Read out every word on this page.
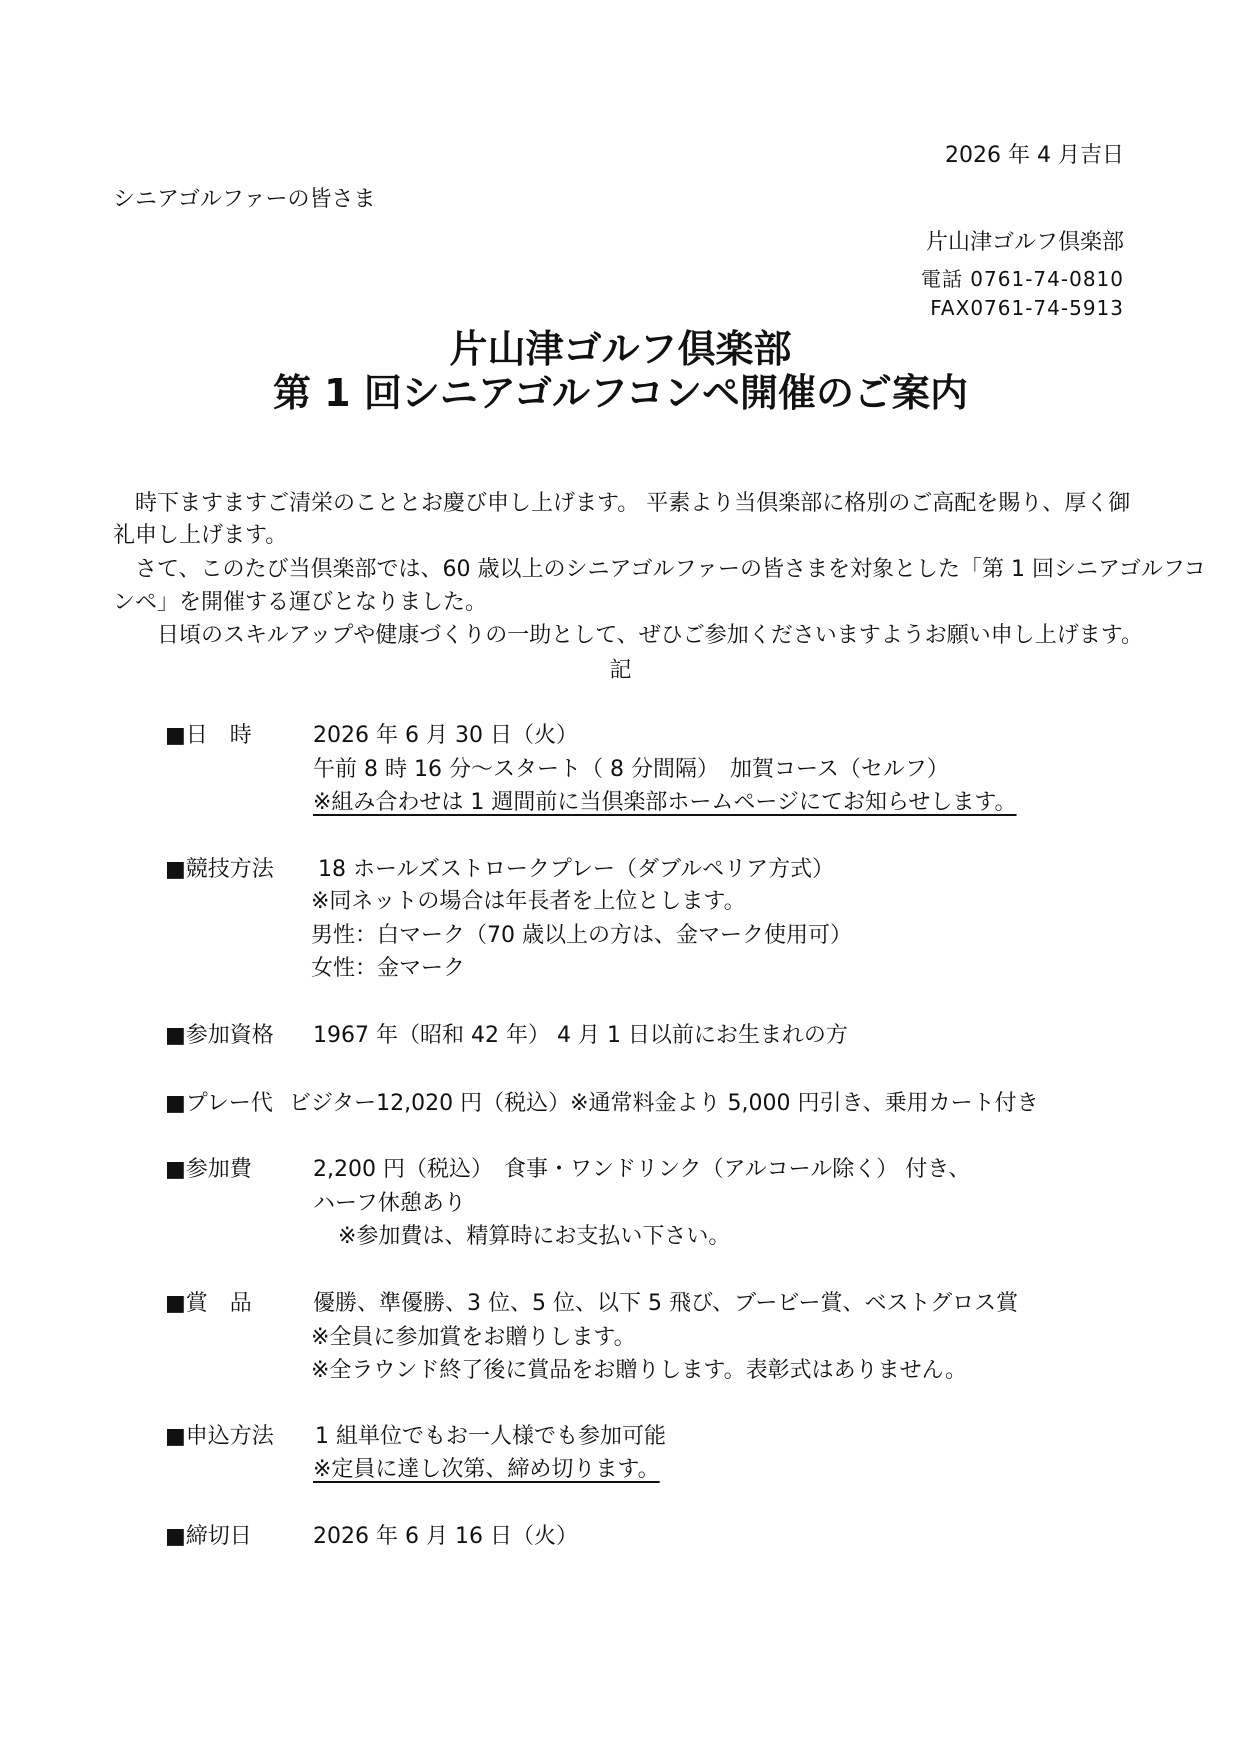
2026 年 4 月吉日
シニアゴルファーの皆さま
片山津ゴルフ倶楽部
電話 0761-74-0810
FAX0761-74-5913
片山津ゴルフ倶楽部
第 1 回シニアゴルフコンペ開催のご案内
　時下ますますご清栄のこととお慶び申し上げます。 平素より当倶楽部に格別のご高配を賜り、厚く御
礼申し上げます。
　さて、このたび当倶楽部では、60 歳以上のシニアゴルファーの皆さまを対象とした「第 1 回シニアゴルフコ
ンペ」を開催する運びとなりました。
　　日頃のスキルアップや健康づくりの一助として、ぜひご参加くださいますようお願い申し上げます。
記
■日　時	2026 年 6 月 30 日（火）
午前 8 時 16 分～スタート（ 8 分間隔）　加賀コース（セルフ）
※組み合わせは 1 週間前に当倶楽部ホームページにてお知らせします。
■競技方法 18 ホールズストロークプレー（ダブルペリア方式）
※同ネットの場合は年長者を上位とします。
男性：白マーク（70 歳以上の方は、金マーク使用可）
女性：金マーク
■参加資格 1967 年（昭和 42 年） 4 月 1 日以前にお生まれの方
■プレー代 ビジター12,020 円（税込）※通常料金より 5,000 円引き、乗用カート付き
■参加費	2,200 円（税込）　食事・ワンドリンク（アルコール除く） 付き、
ハーフ休憩あり
※参加費は、精算時にお支払い下さい。
■賞　品	優勝、準優勝、3 位、5 位、以下 5 飛び、ブービー賞、ベストグロス賞
※全員に参加賞をお贈りします。
※全ラウンド終了後に賞品をお贈りします。表彰式はありません。
■申込方法 1 組単位でもお一人様でも参加可能
※定員に達し次第、締め切ります。
■締切日	2026 年 6 月 16 日（火）
